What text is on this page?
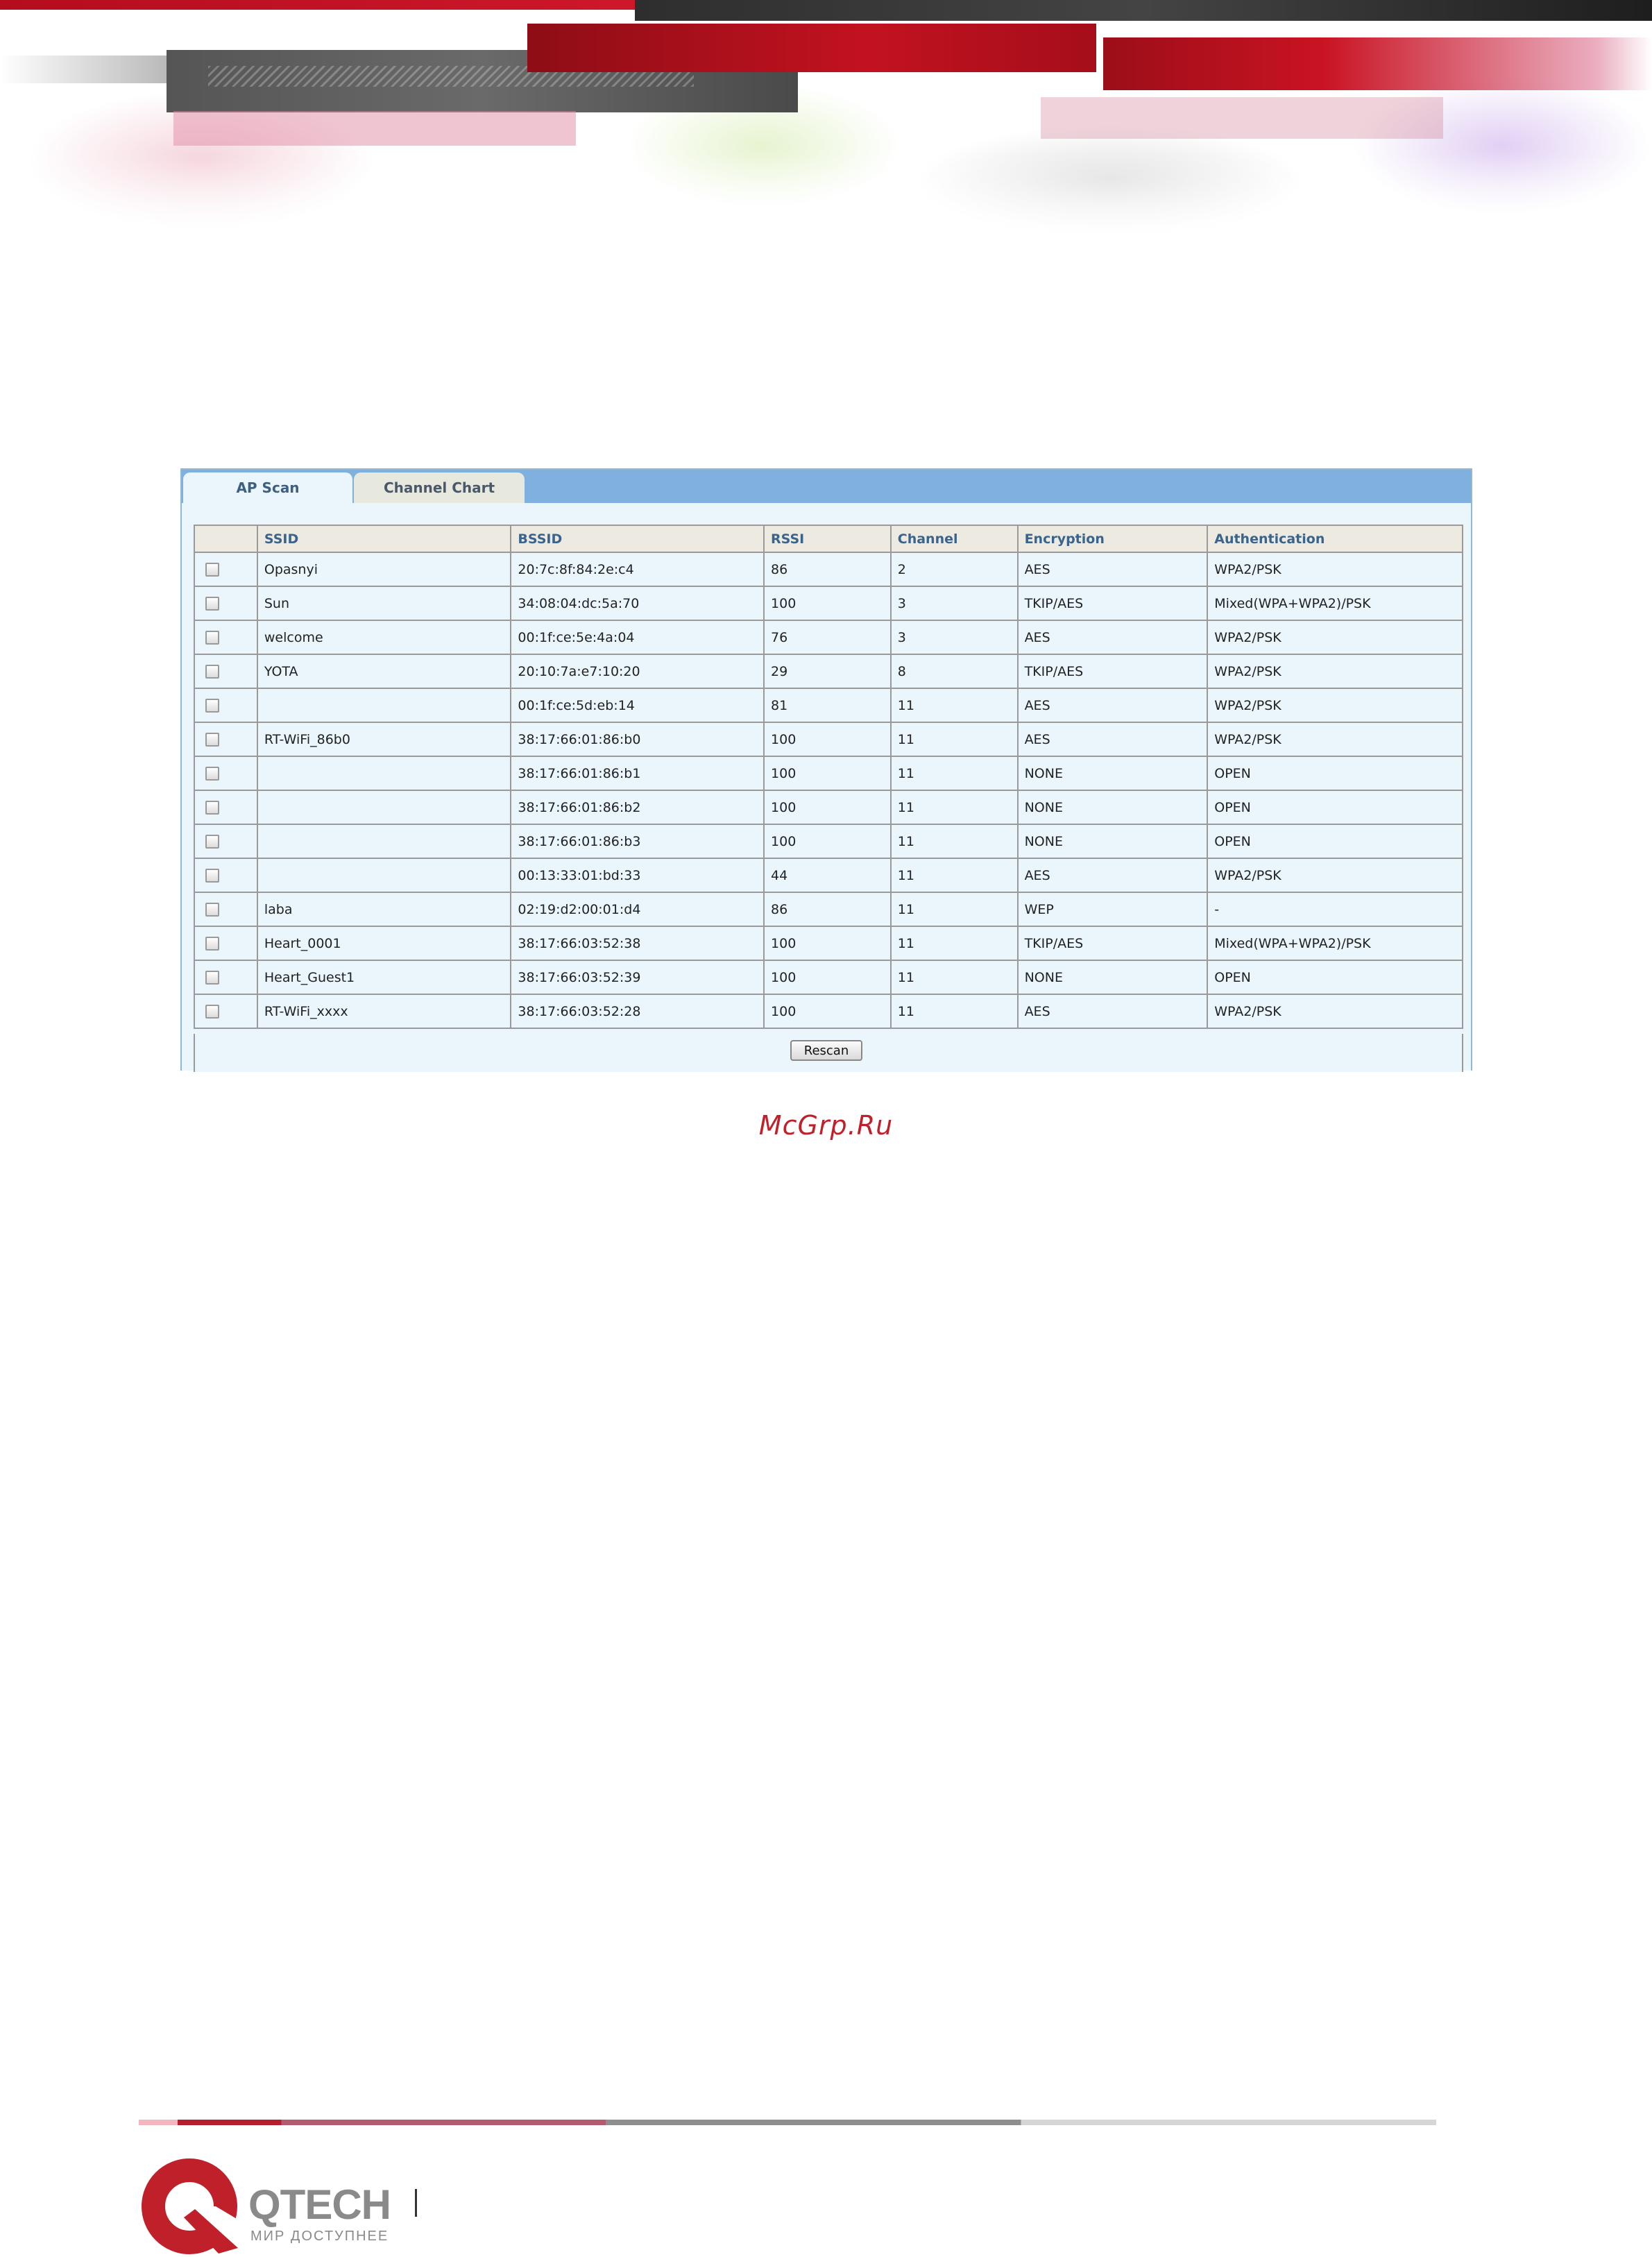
AP Scan	Channel Chart
	SSID	BSSID	RSSI	Channel	Encryption	Authentication
	Opasnyi	20:7c:8f:84:2e:c4	86	2	AES	WPA2/PSK
	Sun	34:08:04:dc:5a:70	100	3	TKIP/AES	Mixed(WPA+WPA2)/PSK
	welcome	00:1f:ce:5e:4a:04	76	3	AES	WPA2/PSK
	YOTA	20:10:7a:e7:10:20	29	8	TKIP/AES	WPA2/PSK
		00:1f:ce:5d:eb:14	81	11	AES	WPA2/PSK
	RT-WiFi_86b0	38:17:66:01:86:b0	100	11	AES	WPA2/PSK
		38:17:66:01:86:b1	100	11	NONE	OPEN
		38:17:66:01:86:b2	100	11	NONE	OPEN
		38:17:66:01:86:b3	100	11	NONE	OPEN
		00:13:33:01:bd:33	44	11	AES	WPA2/PSK
	laba	02:19:d2:00:01:d4	86	11	WEP	-
	Heart_0001	38:17:66:03:52:38	100	11	TKIP/AES	Mixed(WPA+WPA2)/PSK
	Heart_Guest1	38:17:66:03:52:39	100	11	NONE	OPEN
	RT-WiFi_xxxx	38:17:66:03:52:28	100	11	AES	WPA2/PSK
Rescan
McGrp.Ru
QTECH
МИР ДОСТУПНЕЕ
